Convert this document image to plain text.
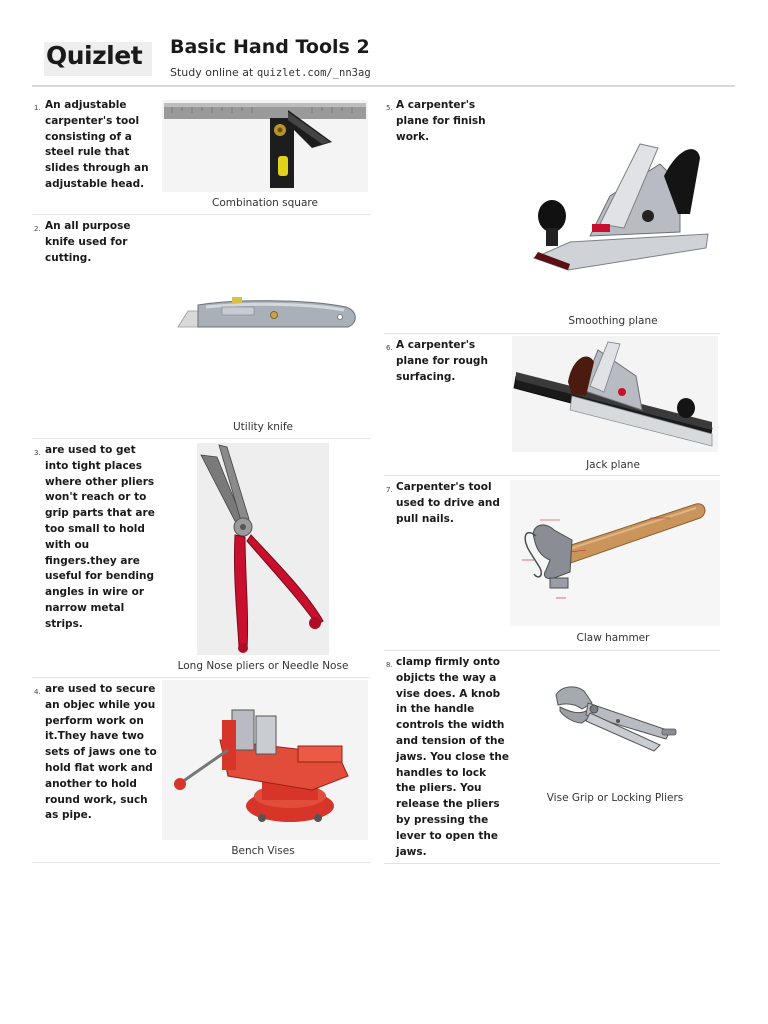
Quizlet Basic Hand Tools 2
Study online at quizlet.com/_nn3ag
1. An adjustable
carpenter's tool
consisting of a
steel rule that
slides through an
adjustable head.
Combination square
2. An all purpose
knife used for
cutting.
Utility knife
3. are used to get
into tight places
where other pliers
won't reach or to
grip parts that are
too small to hold
with ou
fingers.they are
useful for bending
angles in wire or
narrow metal
strips.
Long Nose pliers or Needle Nose
4. are used to secure
an objec while you
perform work on
it.They have two
sets of jaws one to
hold flat work and
another to hold
round work, such
as pipe.
Bench Vises
5. A carpenter's
plane for finish
work.
Smoothing plane
6. A carpenter's
plane for rough
surfacing.
Jack plane
7. Carpenter's tool
used to drive and
pull nails.
Claw hammer
8. clamp firmly onto
objicts the way a
vise does. A knob
in the handle
controls the width
and tension of the
jaws. You close the
handles to lock
the pliers. You
release the pliers
by pressing the
lever to open the
jaws.
Vise Grip or Locking Pliers
